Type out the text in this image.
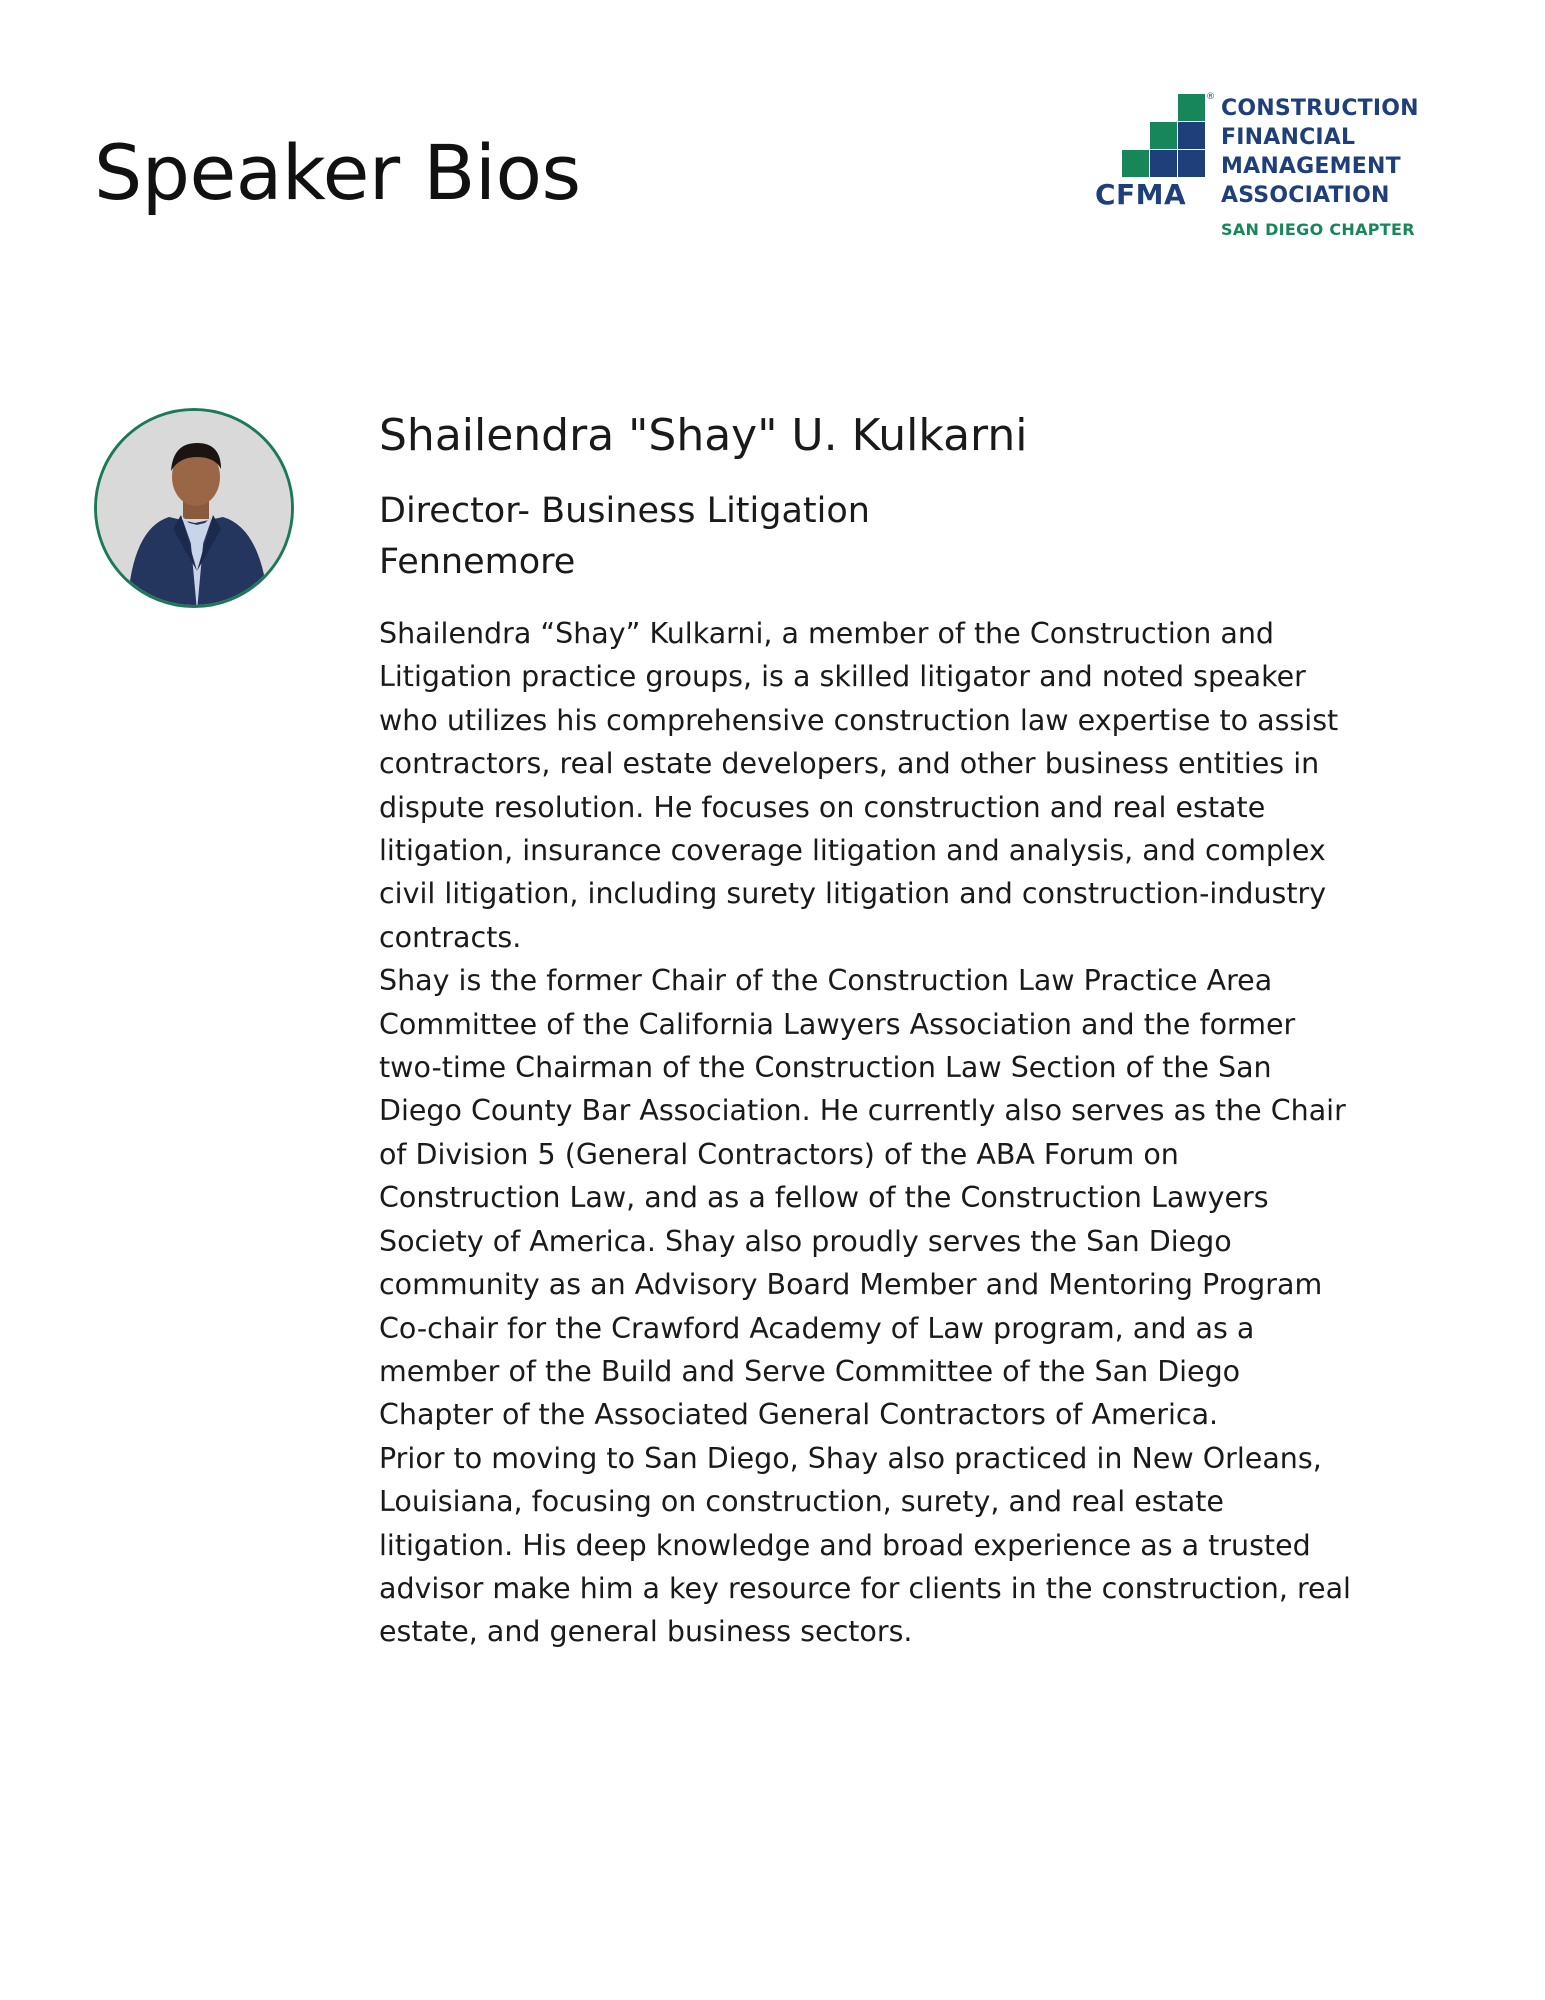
Speaker Bios
®
CFMA
CONSTRUCTION
FINANCIAL
MANAGEMENT
ASSOCIATION
SAN DIEGO CHAPTER
Shailendra "Shay" U. Kulkarni
Director- Business Litigation
Fennemore

Shailendra “Shay” Kulkarni, a member of the Construction and Litigation practice groups, is a skilled litigator and noted speaker who utilizes his comprehensive construction law expertise to assist contractors, real estate developers, and other business entities in dispute resolution. He focuses on construction and real estate litigation, insurance coverage litigation and analysis, and complex civil litigation, including surety litigation and construction-industry contracts.

Shay is the former Chair of the Construction Law Practice Area Committee of the California Lawyers Association and the former two-time Chairman of the Construction Law Section of the San Diego County Bar Association. He currently also serves as the Chair of Division 5 (General Contractors) of the ABA Forum on Construction Law, and as a fellow of the Construction Lawyers Society of America. Shay also proudly serves the San Diego community as an Advisory Board Member and Mentoring Program Co-chair for the Crawford Academy of Law program, and as a member of the Build and Serve Committee of the San Diego Chapter of the Associated General Contractors of America.

Prior to moving to San Diego, Shay also practiced in New Orleans, Louisiana, focusing on construction, surety, and real estate litigation. His deep knowledge and broad experience as a trusted advisor make him a key resource for clients in the construction, real estate, and general business sectors.
